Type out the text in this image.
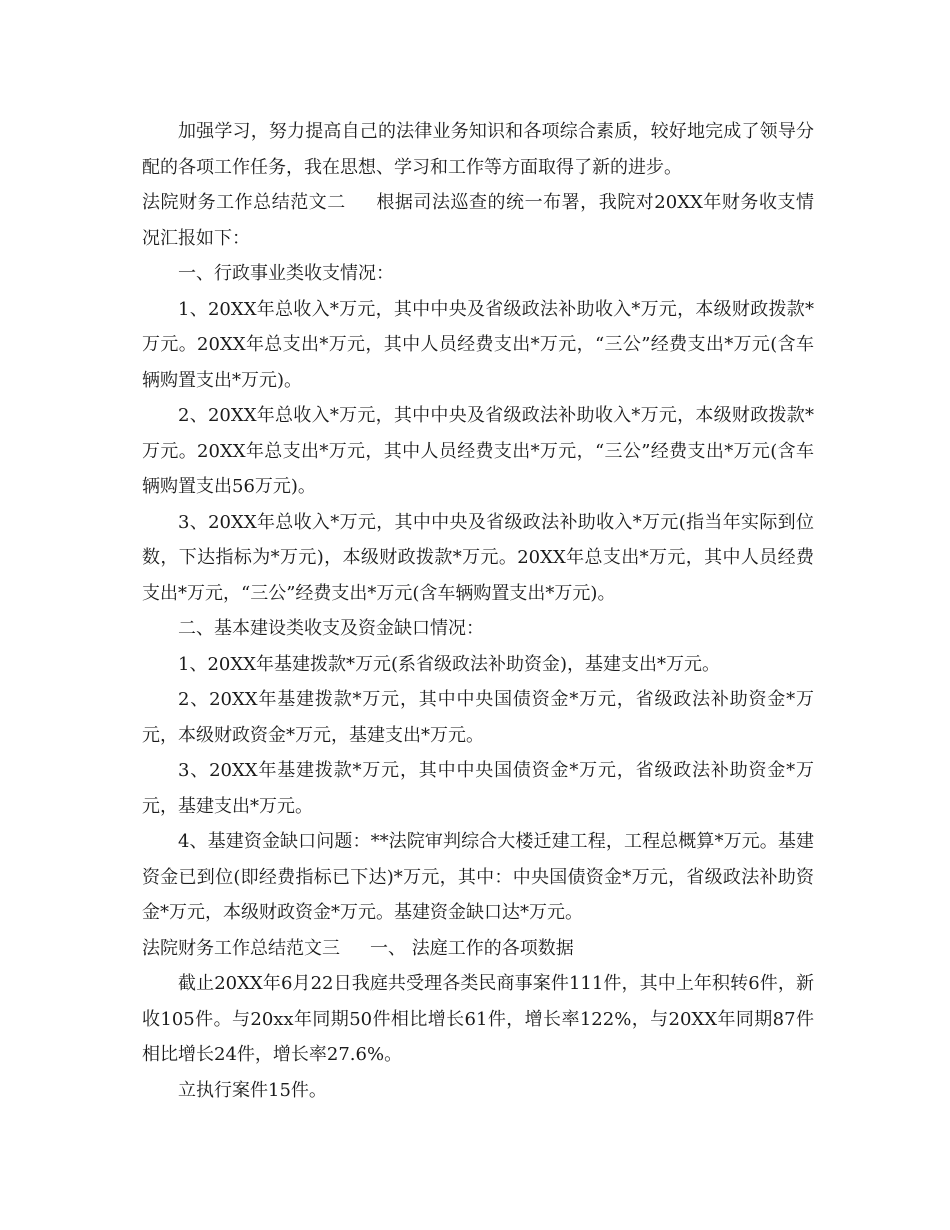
加强学习，努力提高自己的法律业务知识和各项综合素质，较好地完成了领导分配的各项工作任务，我在思想、学习和工作等方面取得了新的进步。

法院财务工作总结范文二 根据司法巡查的统一布署，我院对20XX年财务收支情况汇报如下：

一、行政事业类收支情况：

1、20XX年总收入*万元，其中中央及省级政法补助收入*万元，本级财政拨款*万元。20XX年总支出*万元，其中人员经费支出*万元，“三公”经费支出*万元(含车辆购置支出*万元)。

2、20XX年总收入*万元，其中中央及省级政法补助收入*万元，本级财政拨款*万元。20XX年总支出*万元，其中人员经费支出*万元，“三公”经费支出*万元(含车辆购置支出56万元)。

3、20XX年总收入*万元，其中中央及省级政法补助收入*万元(指当年实际到位数，下达指标为*万元)，本级财政拨款*万元。20XX年总支出*万元，其中人员经费支出*万元，“三公”经费支出*万元(含车辆购置支出*万元)。

二、基本建设类收支及资金缺口情况：

1、20XX年基建拨款*万元(系省级政法补助资金)，基建支出*万元。

2、20XX年基建拨款*万元，其中中央国债资金*万元，省级政法补助资金*万元，本级财政资金*万元，基建支出*万元。

3、20XX年基建拨款*万元，其中中央国债资金*万元，省级政法补助资金*万元，基建支出*万元。

4、基建资金缺口问题：**法院审判综合大楼迁建工程，工程总概算*万元。基建资金已到位(即经费指标已下达)*万元，其中：中央国债资金*万元，省级政法补助资金*万元，本级财政资金*万元。基建资金缺口达*万元。

法院财务工作总结范文三 一、 法庭工作的各项数据

截止20XX年6月22日我庭共受理各类民商事案件111件，其中上年积转6件，新收105件。与20xx年同期50件相比增长61件，增长率122%，与20XX年同期87件相比增长24件，增长率27.6%。

立执行案件15件。
